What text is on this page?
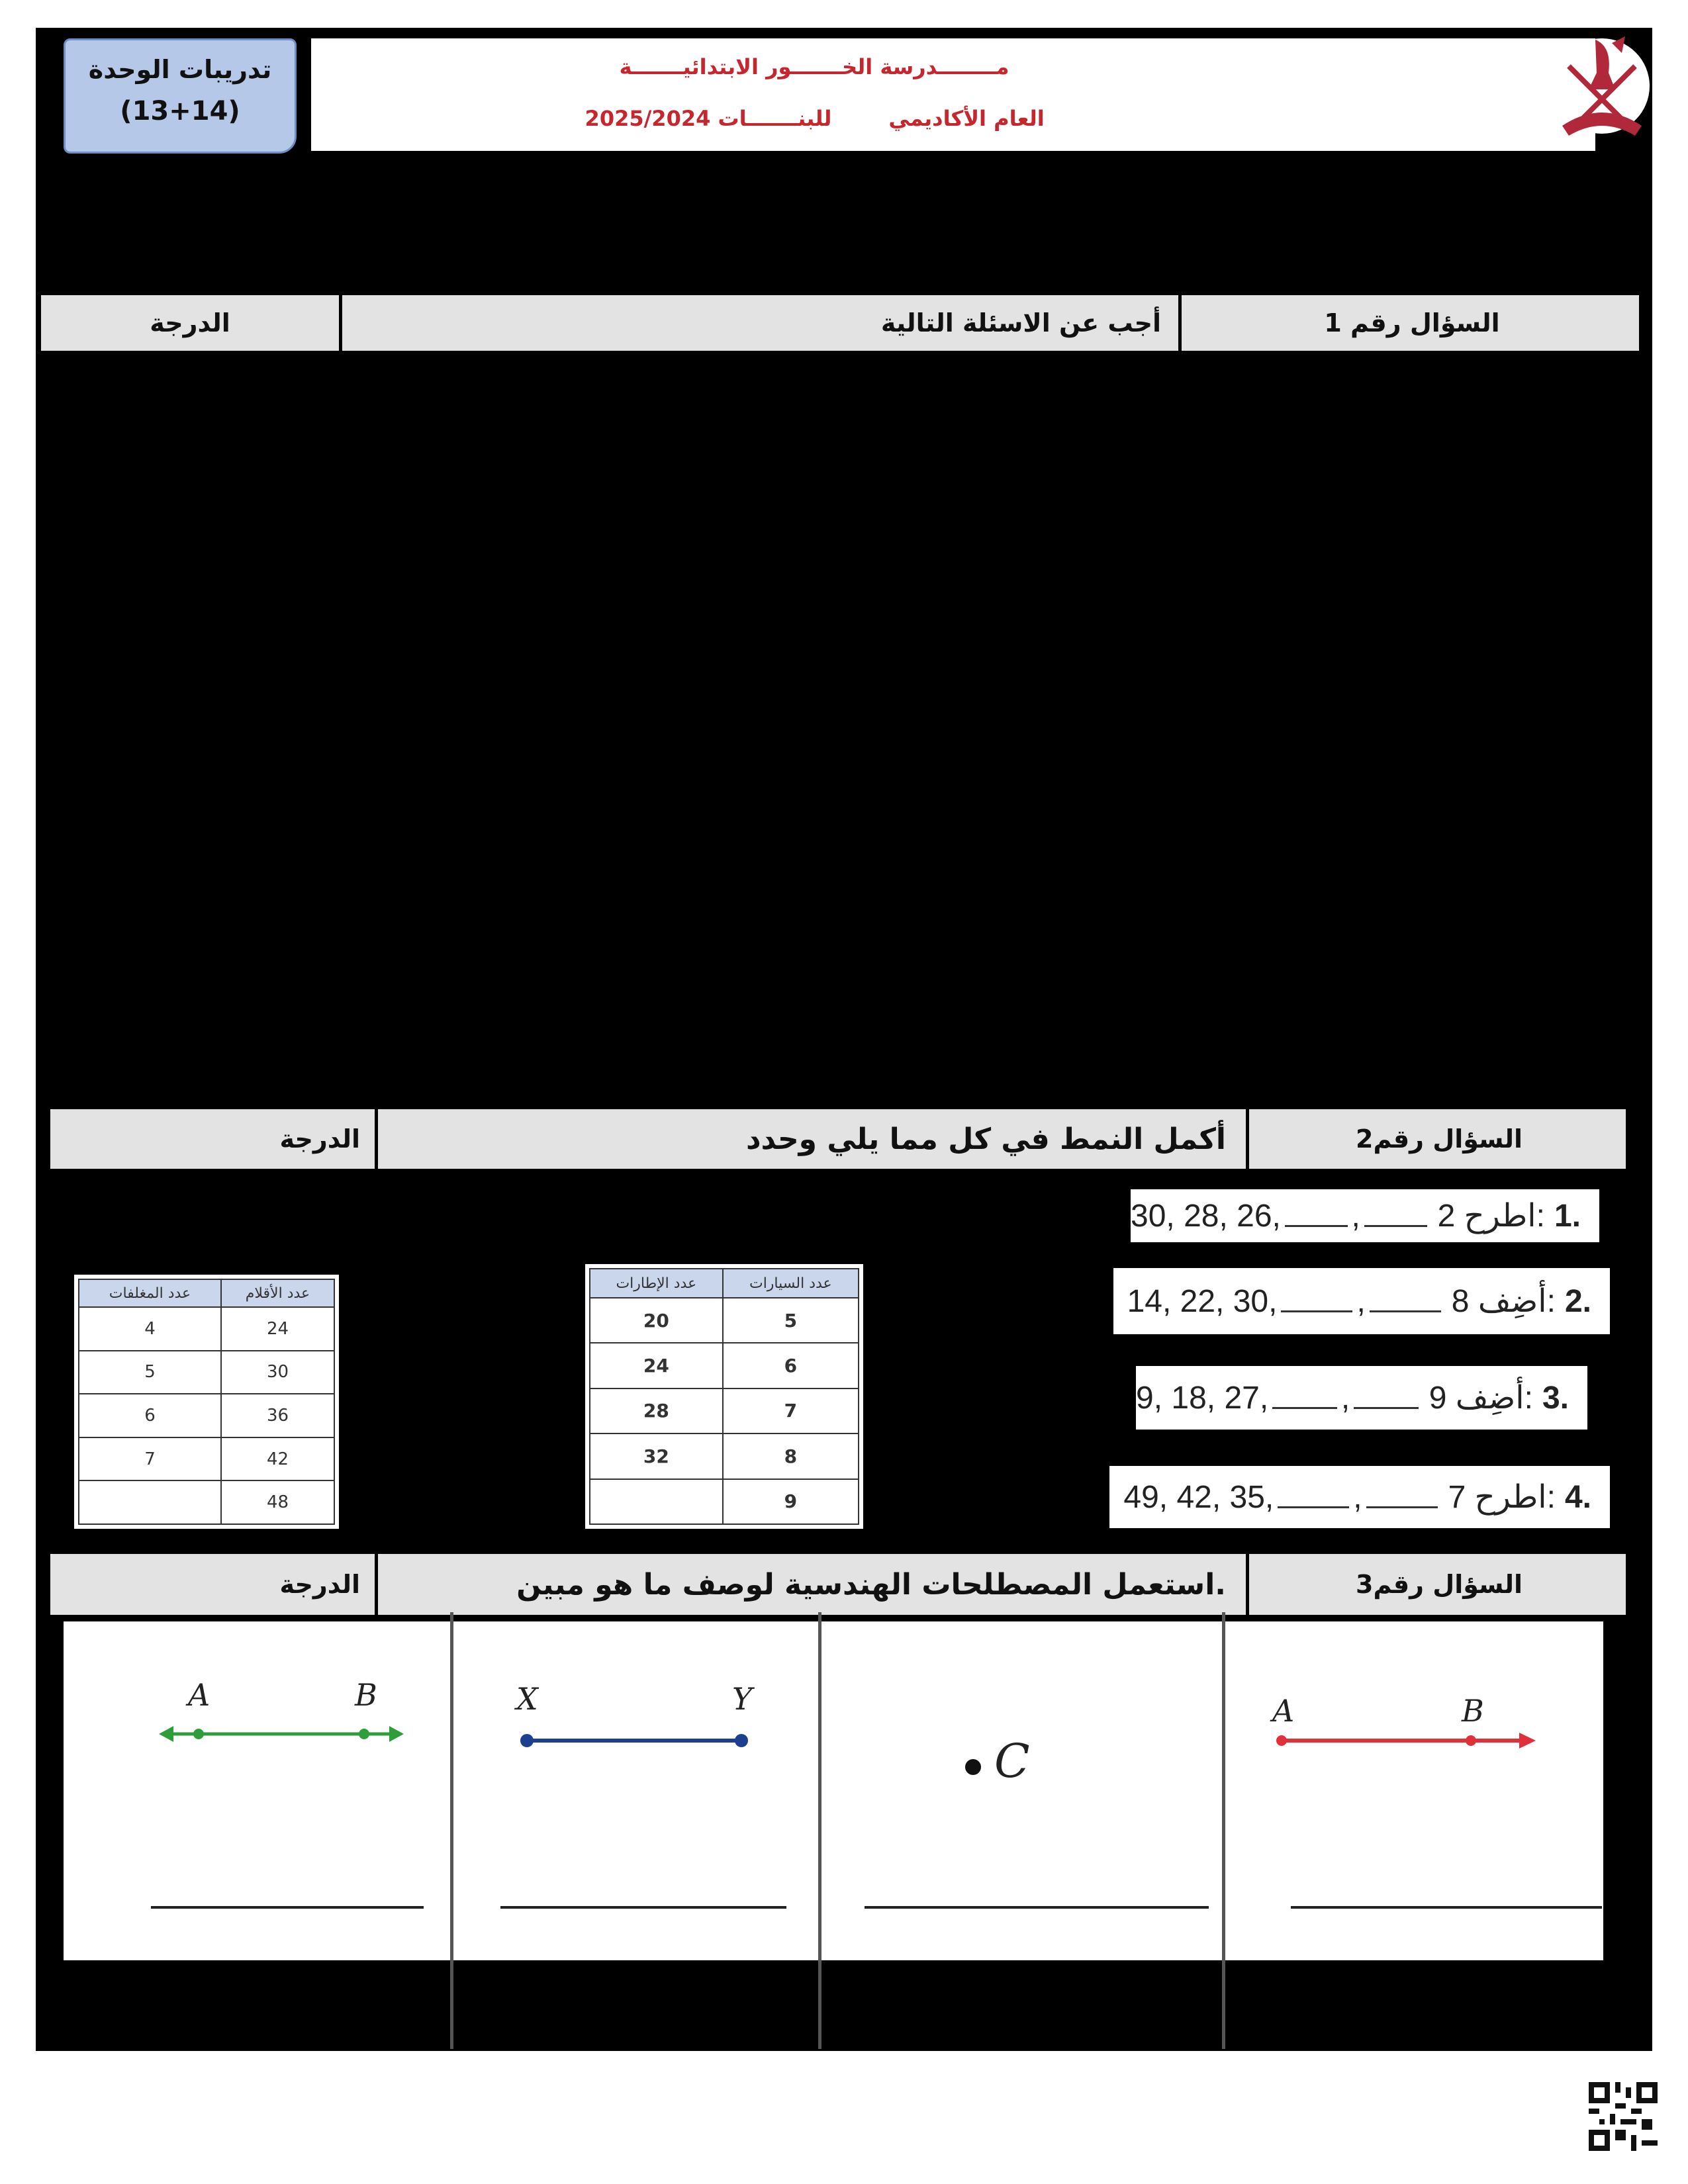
مــــــــدرسة الخـــــــور الابتدائيـــــــة
العام الأكاديمي
2025/2024 للبنـــــــات
تدريبات الوحدة
(13+14)
السؤال رقم 1
أجب عن الاسئلة التالية
الدرجة
السؤال رقم2
أكمل النمط في كل مما يلي وحدد
الدرجة
30, 28, 26, , اطرح 2: 1.
14, 22, 30,	,	أضِف 8: 2.
9, 18, 27, , أضِف 9: 3.
49, 42, 35,	,	اطرح 7: 4.
عدد الإطارات	عدد السيارات
20	5
24	6
28	7
32	8
	9
عدد المغلفات	عدد الأقلام
4	24
5	30
6	36
7	42
	48
السؤال رقم3
استعمل المصطلحات الهندسية لوصف ما هو مبين.
الدرجة
A	B
C
X	Y
A	B
